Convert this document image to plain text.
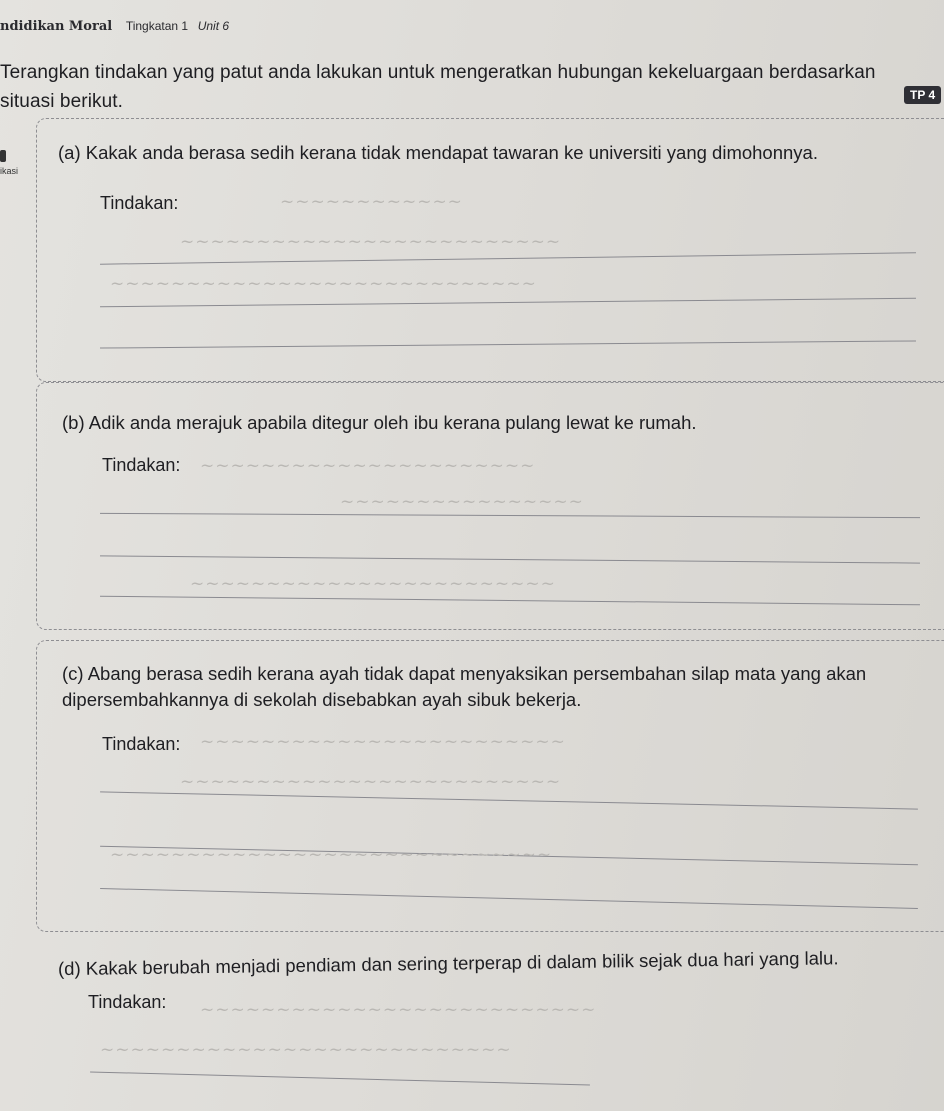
ndidikan Moral Tingkatan 1 Unit 6
Terangkan tindakan yang patut anda lakukan untuk mengeratkan hubungan kekeluargaan berdasarkan situasi berikut.	TP 4
ikasi
(a) Kakak anda berasa sedih kerana tidak mendapat tawaran ke universiti yang dimohonnya.
Tindakan:	~~~~~~~~~~~~
~~~~~~~~~~~~~~~~~~~~~~~~~
~~~~~~~~~~~~~~~~~~~~~~~~~~~~
(b) Adik anda merajuk apabila ditegur oleh ibu kerana pulang lewat ke rumah.
Tindakan: ~~~~~~~~~~~~~~~~~~~~~~
~~~~~~~~~~~~~~~~
~~~~~~~~~~~~~~~~~~~~~~~~
(c) Abang berasa sedih kerana ayah tidak dapat menyaksikan persembahan silap mata yang akan dipersembahkannya di sekolah disebabkan ayah sibuk bekerja.
Tindakan: ~~~~~~~~~~~~~~~~~~~~~~~~
~~~~~~~~~~~~~~~~~~~~~~~~~
~~~~~~~~~~~~~~~~~~~~~~~~~~~~~
(d) Kakak berubah menjadi pendiam dan sering terperap di dalam bilik sejak dua hari yang lalu.
Tindakan: ~~~~~~~~~~~~~~~~~~~~~~~~~~
~~~~~~~~~~~~~~~~~~~~~~~~~~~
